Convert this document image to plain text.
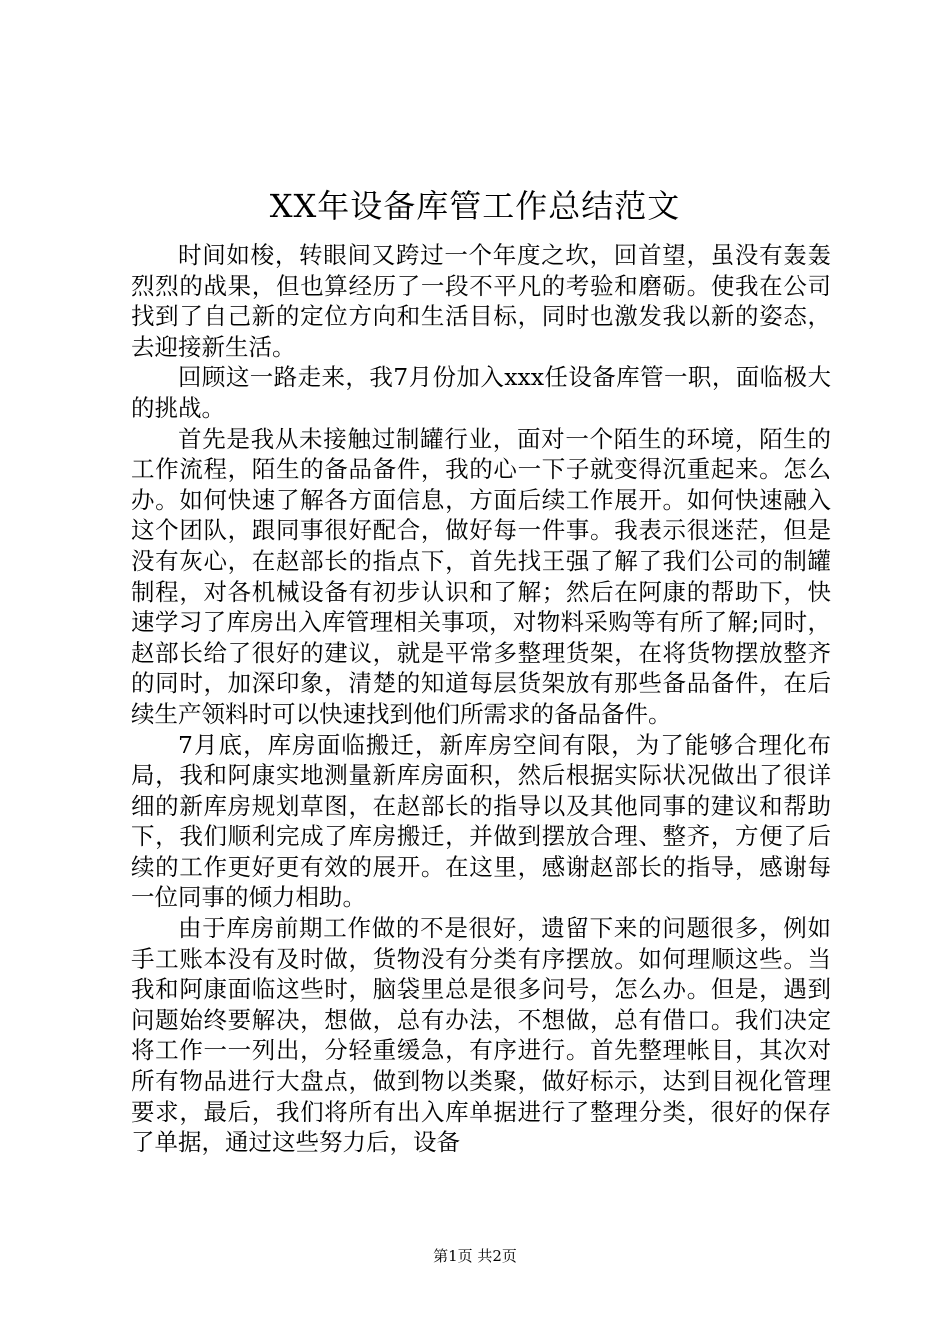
XX年设备库管工作总结范文

时间如梭，转眼间又跨过一个年度之坎，回首望，虽没有轰轰烈烈的战果，但也算经历了一段不平凡的考验和磨砺。使我在公司找到了自己新的定位方向和生活目标，同时也激发我以新的姿态，去迎接新生活。

回顾这一路走来，我7月份加入xxx任设备库管一职，面临极大的挑战。

首先是我从未接触过制罐行业，面对一个陌生的环境，陌生的工作流程，陌生的备品备件，我的心一下子就变得沉重起来。怎么办。如何快速了解各方面信息，方面后续工作展开。如何快速融入这个团队，跟同事很好配合，做好每一件事。我表示很迷茫，但是没有灰心，在赵部长的指点下，首先找王强了解了我们公司的制罐制程，对各机械设备有初步认识和了解；然后在阿康的帮助下，快速学习了库房出入库管理相关事项，对物料采购等有所了解;同时，赵部长给了很好的建议，就是平常多整理货架，在将货物摆放整齐的同时，加深印象，清楚的知道每层货架放有那些备品备件，在后续生产领料时可以快速找到他们所需求的备品备件。

7月底，库房面临搬迁，新库房空间有限，为了能够合理化布局，我和阿康实地测量新库房面积，然后根据实际状况做出了很详细的新库房规划草图，在赵部长的指导以及其他同事的建议和帮助下，我们顺利完成了库房搬迁，并做到摆放合理、整齐，方便了后续的工作更好更有效的展开。在这里，感谢赵部长的指导，感谢每一位同事的倾力相助。

由于库房前期工作做的不是很好，遗留下来的问题很多，例如手工账本没有及时做，货物没有分类有序摆放。如何理顺这些。当我和阿康面临这些时，脑袋里总是很多问号，怎么办。但是，遇到问题始终要解决，想做，总有办法，不想做，总有借口。我们决定将工作一一列出，分轻重缓急，有序进行。首先整理帐目，其次对所有物品进行大盘点，做到物以类聚，做好标示，达到目视化管理要求，最后，我们将所有出入库单据进行了整理分类，很好的保存了单据，通过这些努力后，设备

第1页 共2页
